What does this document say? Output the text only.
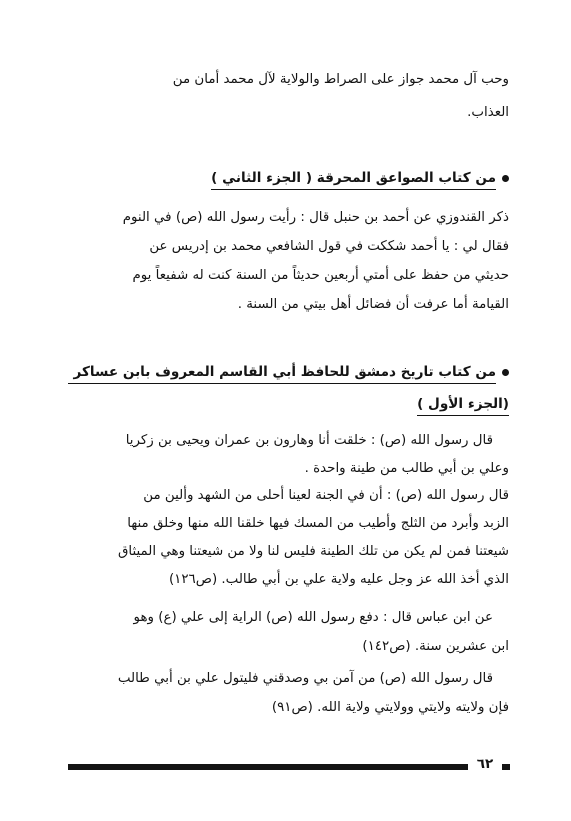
وحب آل محمد جواز على الصراط والولاية لآل محمد أمان من
العذاب.
من كتاب الصواعق المحرقة ( الجزء الثاني )
ذكر القندوزي عن أحمد بن حنبل قال : رأيت رسول الله (ص) في النوم
فقال لي : يا أحمد شككت في قول الشافعي محمد بن إدريس عن
حديثي من حفظ على أمتي أربعين حديثاً من السنة كنت له شفيعاً يوم
القيامة أما عرفت أن فضائل أهل بيتي من السنة .
من كتاب تاريخ دمشق للحافظ أبي القاسم المعروف بابن عساكر
(الجزء الأول )
قال رسول الله (ص) : خلقت أنا وهارون بن عمران ويحيى بن زكريا
وعلي بن أبي طالب من طينة واحدة .
قال رسول الله (ص) : أن في الجنة لعينا أحلى من الشهد وألين من
الزبد وأبرد من الثلج وأطيب من المسك فيها خلقنا الله منها وخلق منها
شيعتنا فمن لم يكن من تلك الطينة فليس لنا ولا من شيعتنا وهي الميثاق
الذي أخذ الله عز وجل عليه ولاية علي بن أبي طالب. (ص١٢٦)
عن ابن عباس قال : دفع رسول الله (ص) الراية إلى علي (ع) وهو
ابن عشرين سنة. (ص١٤٢)
قال رسول الله (ص) من آمن بي وصدقني فليتول علي بن أبي طالب
فإن ولايته ولايتي وولايتي ولاية الله. (ص٩١)
٦٢
